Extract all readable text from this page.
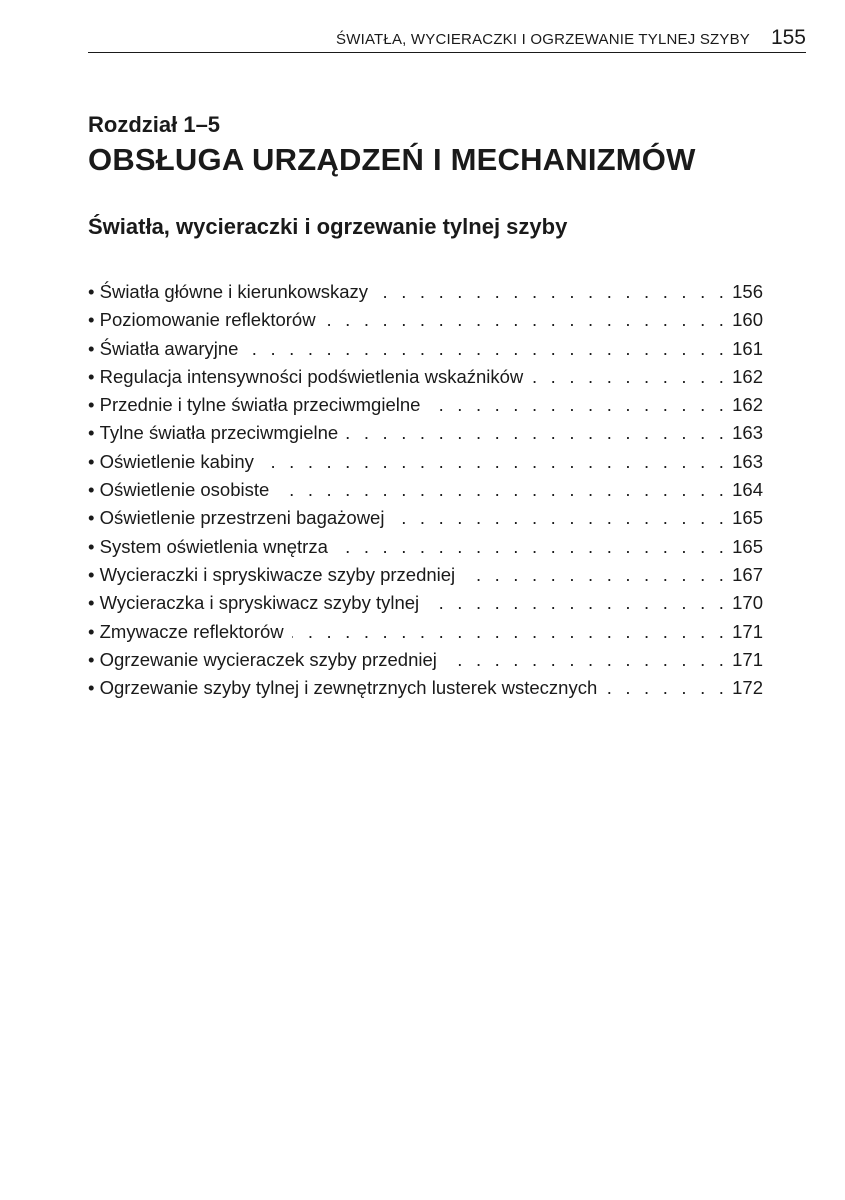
ŚWIATŁA, WYCIERACZKI I OGRZEWANIE TYLNEJ SZYBY 155
Rozdział 1–5
OBSŁUGA URZĄDZEŃ I MECHANIZMÓW
Światła, wycieraczki i ogrzewanie tylnej szyby
• Światła główne i kierunkowskazy . . .	156
• Poziomowanie reflektorów . . .	160
• Światła awaryjne . . .	161
• Regulacja intensywności podświetlenia wskaźników . . .	162
• Przednie i tylne światła przeciwmgielne . . .	162
• Tylne światła przeciwmgielne . . .	163
• Oświetlenie kabiny . . .	163
• Oświetlenie osobiste . . .	164
• Oświetlenie przestrzeni bagażowej . . .	165
• System oświetlenia wnętrza . . .	165
• Wycieraczki i spryskiwacze szyby przedniej . . .	167
• Wycieraczka i spryskiwacz szyby tylnej . . .	170
• Zmywacze reflektorów . . .	171
• Ogrzewanie wycieraczek szyby przedniej . . .	171
• Ogrzewanie szyby tylnej i zewnętrznych lusterek wstecznych . . .	172
